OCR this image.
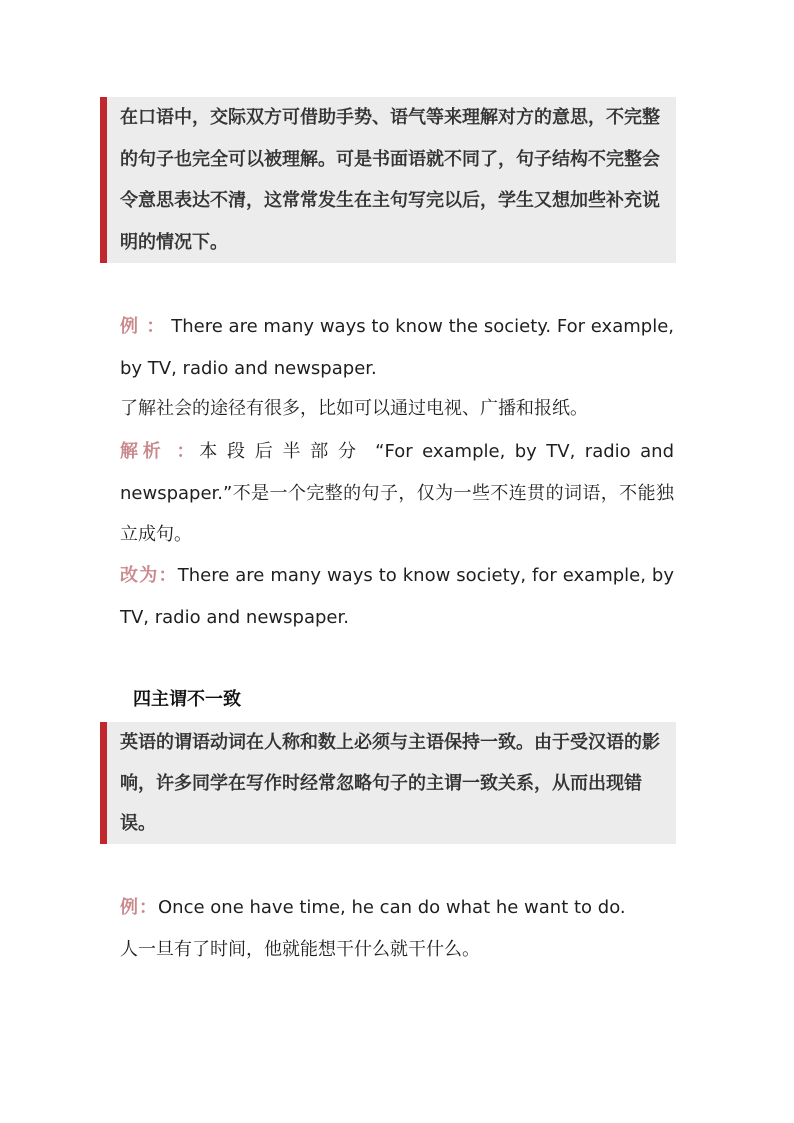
在口语中，交际双方可借助手势、语气等来理解对方的意思，不完整的句子也完全可以被理解。可是书面语就不同了，句子结构不完整会令意思表达不清，这常常发生在主句写完以后，学生又想加些补充说明的情况下。

例 ： There are many ways to know the society. For example, by TV, radio and newspaper.

了解社会的途径有很多，比如可以通过电视、广播和报纸。

解析 ：本段后半部分 “For example, by TV, radio and newspaper.”不是一个完整的句子，仅为一些不连贯的词语，不能独立成句。

改为：There are many ways to know society, for example, by TV, radio and newspaper.

四主谓不一致
英语的谓语动词在人称和数上必须与主语保持一致。由于受汉语的影响，许多同学在写作时经常忽略句子的主谓一致关系，从而出现错误。

例：Once one have time, he can do what he want to do.

人一旦有了时间，他就能想干什么就干什么。
